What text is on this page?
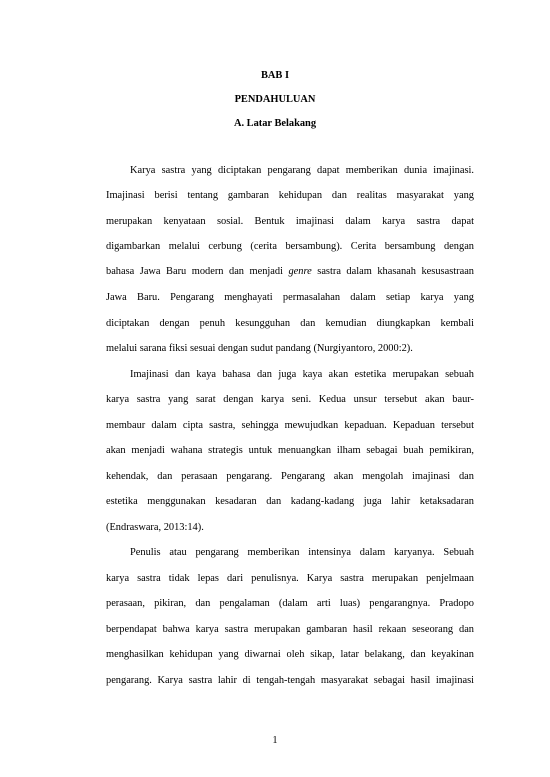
BAB I
PENDAHULUAN
A. Latar Belakang
Karya sastra yang diciptakan pengarang dapat memberikan dunia imajinasi.
Imajinasi berisi tentang gambaran kehidupan dan realitas masyarakat yang
merupakan kenyataan sosial. Bentuk imajinasi dalam karya sastra dapat
digambarkan melalui cerbung (cerita bersambung). Cerita bersambung dengan
bahasa Jawa Baru modern dan menjadi genre sastra dalam khasanah kesusastraan
Jawa Baru. Pengarang menghayati permasalahan dalam setiap karya yang
diciptakan dengan penuh kesungguhan dan kemudian diungkapkan kembali
melalui sarana fiksi sesuai dengan sudut pandang (Nurgiyantoro, 2000:2).
Imajinasi dan kaya bahasa dan juga kaya akan estetika merupakan sebuah
karya sastra yang sarat dengan karya seni. Kedua unsur tersebut akan baur-
membaur dalam cipta sastra, sehingga mewujudkan kepaduan. Kepaduan tersebut
akan menjadi wahana strategis untuk menuangkan ilham sebagai buah pemikiran,
kehendak, dan perasaan pengarang. Pengarang akan mengolah imajinasi dan
estetika menggunakan kesadaran dan kadang-kadang juga lahir ketaksadaran
(Endraswara, 2013:14).
Penulis atau pengarang memberikan intensinya dalam karyanya. Sebuah
karya sastra tidak lepas dari penulisnya. Karya sastra merupakan penjelmaan
perasaan, pikiran, dan pengalaman (dalam arti luas) pengarangnya. Pradopo
berpendapat bahwa karya sastra merupakan gambaran hasil rekaan seseorang dan
menghasilkan kehidupan yang diwarnai oleh sikap, latar belakang, dan keyakinan
pengarang. Karya sastra lahir di tengah-tengah masyarakat sebagai hasil imajinasi
1
